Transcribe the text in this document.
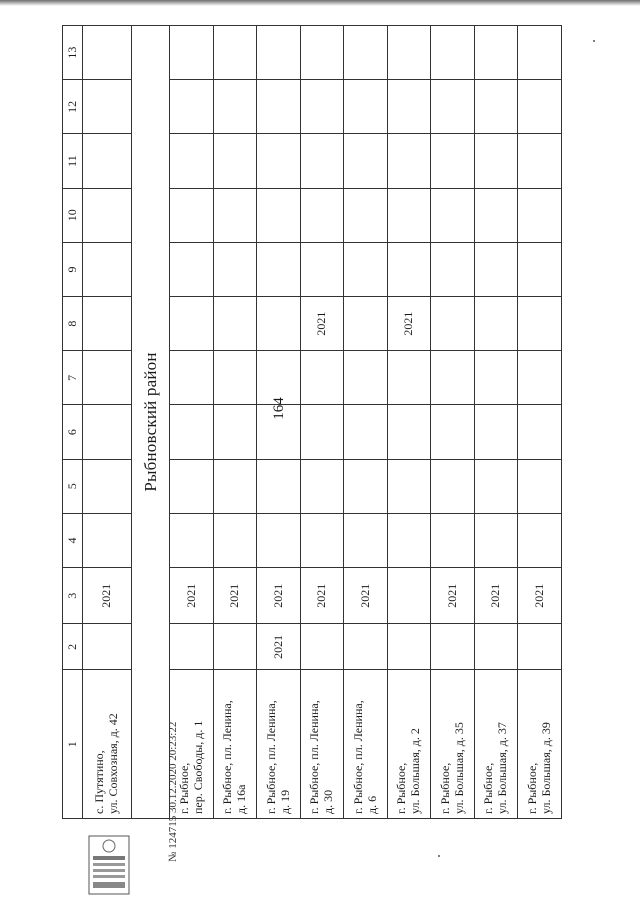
164
1	2	3	4	5	6	7	8	9	10	11	12	13
с. Путятино,
ул. Совхозная, д. 42		2021										
Рыбновский район												
г. Рыбное,
пер. Свободы, д. 1		2021										
г. Рыбное, пл. Ленина,
д. 16а		2021										
г. Рыбное, пл. Ленина,
д. 19	2021	2021										
г. Рыбное, пл. Ленина,
д. 30		2021					2021					
г. Рыбное, пл. Ленина,
д. 6		2021										
г. Рыбное,
ул. Большая, д. 2							2021					
г. Рыбное,
ул. Большая, д. 35		2021										
г. Рыбное,
ул. Большая, д. 37		2021										
г. Рыбное,
ул. Большая, д. 39		2021										
№ 124715 30.12.2020 20:23:22
